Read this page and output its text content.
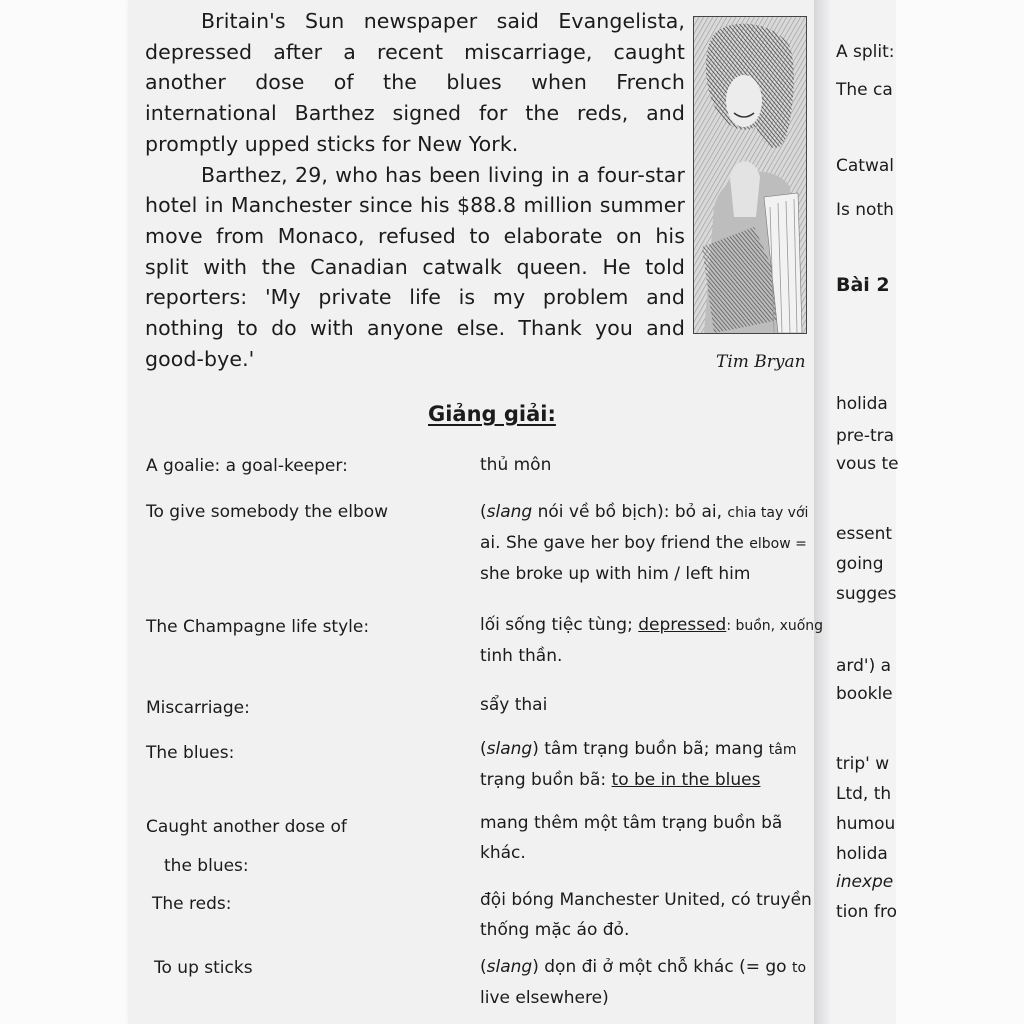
Britain's Sun newspaper said Evangelista, depressed after a recent miscarriage, caught another dose of the blues when French international Barthez signed for the reds, and promptly upped sticks for New York.

Barthez, 29, who has been living in a four-star hotel in Manchester since his $88.8 million summer move from Monaco, refused to elaborate on his split with the Canadian catwalk queen. He told reporters: 'My private life is my problem and nothing to do with anyone else. Thank you and good-bye.'	Tim Bryan
Giảng giải:
A goalie: a goal-keeper:
To give somebody the elbow
The Champagne life style:
Miscarriage:
The blues:
Caught another dose of
the blues:
The reds:
To up sticks
thủ môn
(slang nói về bồ bịch): bỏ ai, chia tay với
ai. She gave her boy friend the elbow =
she broke up with him / left him
lối sống tiệc tùng; depressed: buồn, xuống
tinh thần.
sẩy thai
(slang) tâm trạng buồn bã; mang tâm
trạng buồn bã: to be in the blues
mang thêm một tâm trạng buồn bã
khác.
đội bóng Manchester United, có truyền
thống mặc áo đỏ.
(slang) dọn đi ở một chỗ khác (= go to
live elsewhere)
A split:
The ca
Catwal
Is noth
Bài 2
holida
pre-tra
vous te
essent
going
sugges
ard') a
bookle
trip' w
Ltd, th
humou
holida
inexpe
tion fro
